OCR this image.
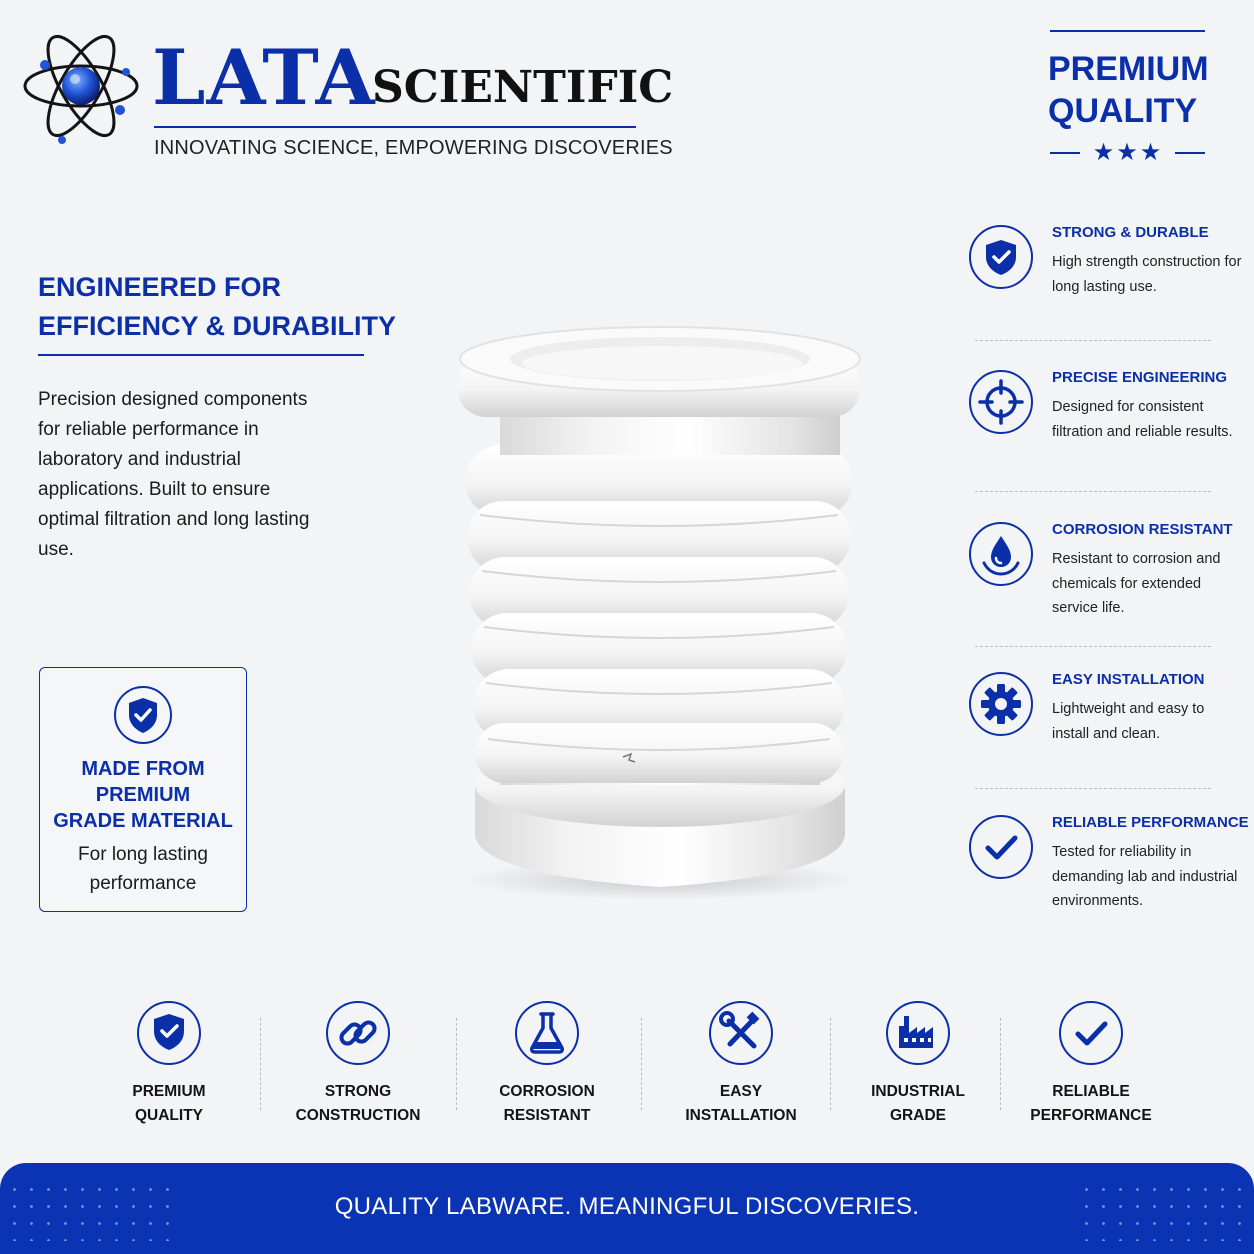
LATA
SCIENTIFIC
INNOVATING SCIENCE, EMPOWERING DISCOVERIES
PREMIUM
QUALITY
★★★
ENGINEERED FOR
EFFICIENCY & DURABILITY
Precision designed components for reliable performance in laboratory and industrial applications. Built to ensure optimal filtration and long lasting use.
MADE FROM
PREMIUM
GRADE MATERIAL
For long lasting
performance
STRONG & DURABLE
High strength construction for long lasting use.
PRECISE ENGINEERING
Designed for consistent filtration and reliable results.
CORROSION RESISTANT
Resistant to corrosion and chemicals for extended service life.
EASY INSTALLATION
Lightweight and easy to install and clean.
RELIABLE PERFORMANCE
Tested for reliability in demanding lab and industrial environments.
PREMIUM
QUALITY
STRONG
CONSTRUCTION
CORROSION
RESISTANT
EASY
INSTALLATION
INDUSTRIAL
GRADE
RELIABLE
PERFORMANCE
QUALITY LABWARE. MEANINGFUL DISCOVERIES.
